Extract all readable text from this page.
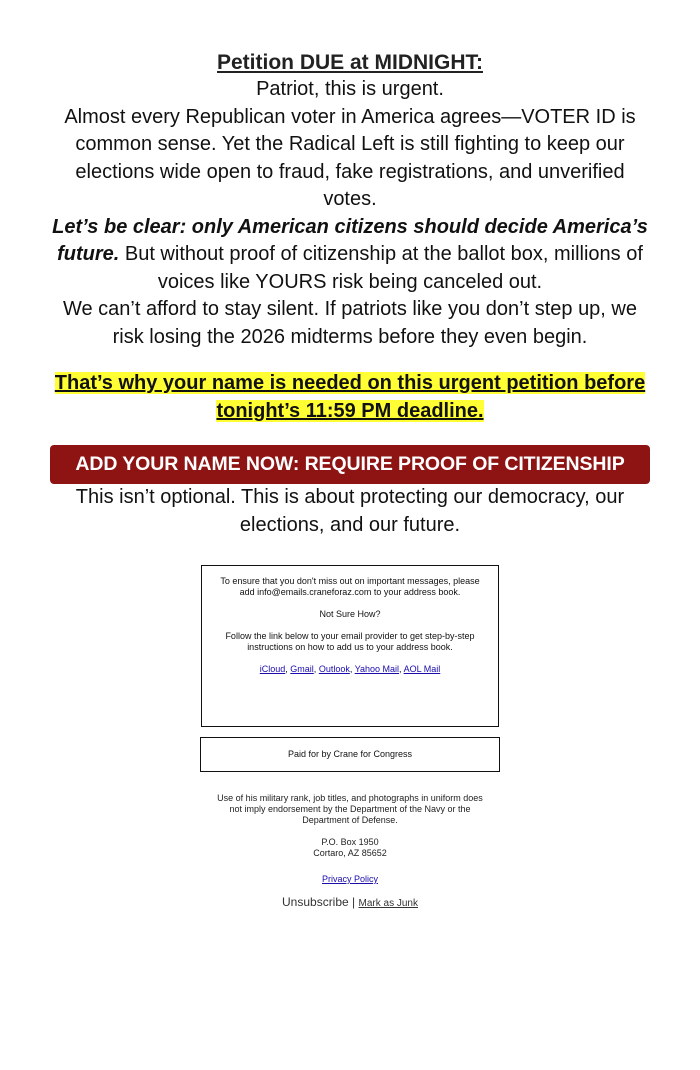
Petition DUE at MIDNIGHT:

Patriot, this is urgent.

Almost every Republican voter in America agrees—VOTER ID is common sense. Yet the Radical Left is still fighting to keep our elections wide open to fraud, fake registrations, and unverified votes.

Let’s be clear: only American citizens should decide America’s future. But without proof of citizenship at the ballot box, millions of voices like YOURS risk being canceled out.

We can’t afford to stay silent. If patriots like you don’t step up, we risk losing the 2026 midterms before they even begin.

That’s why your name is needed on this urgent petition before tonight’s 11:59 PM deadline.
ADD YOUR NAME NOW: REQUIRE PROOF OF CITIZENSHIP

This isn’t optional. This is about protecting our democracy, our elections, and our future.

To ensure that you don't miss out on important messages, please add info@emails.craneforaz.com to your address book.
Not Sure How?
Follow the link below to your email provider to get step-by-step instructions on how to add us to your address book.
iCloud, Gmail, Outlook, Yahoo Mail, AOL Mail
Paid for by Crane for Congress
Use of his military rank, job titles, and photographs in uniform does not imply endorsement by the Department of the Navy or the Department of Defense.
P.O. Box 1950
Cortaro, AZ 85652
Privacy Policy
Unsubscribe | Mark as Junk
